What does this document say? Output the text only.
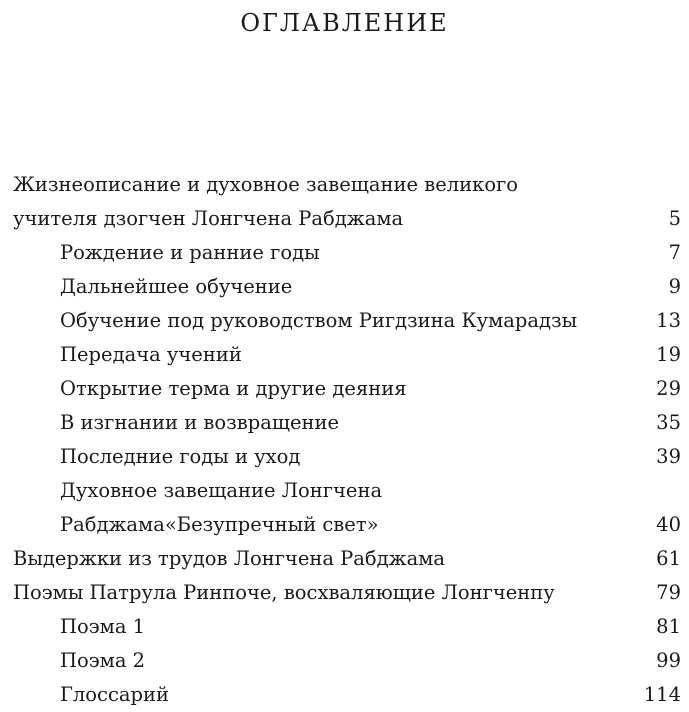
ОГЛАВЛЕНИЕ
Жизнеописание и духовное завещание великого
учителя дзогчен Лонгчена Рабджама	5
Рождение и ранние годы	7
Дальнейшее обучение	9
Обучение под руководством Ригдзина Кумарадзы	13
Передача учений	19
Открытие терма и другие деяния	29
В изгнании и возвращение	35
Последние годы и уход	39
Духовное завещание Лонгчена
Рабджама«Безупречный свет»	40
Выдержки из трудов Лонгчена Рабджама	61
Поэмы Патрула Ринпоче, восхваляющие Лонгченпу	79
Поэма 1	81
Поэма 2	99
Глоссарий	114
